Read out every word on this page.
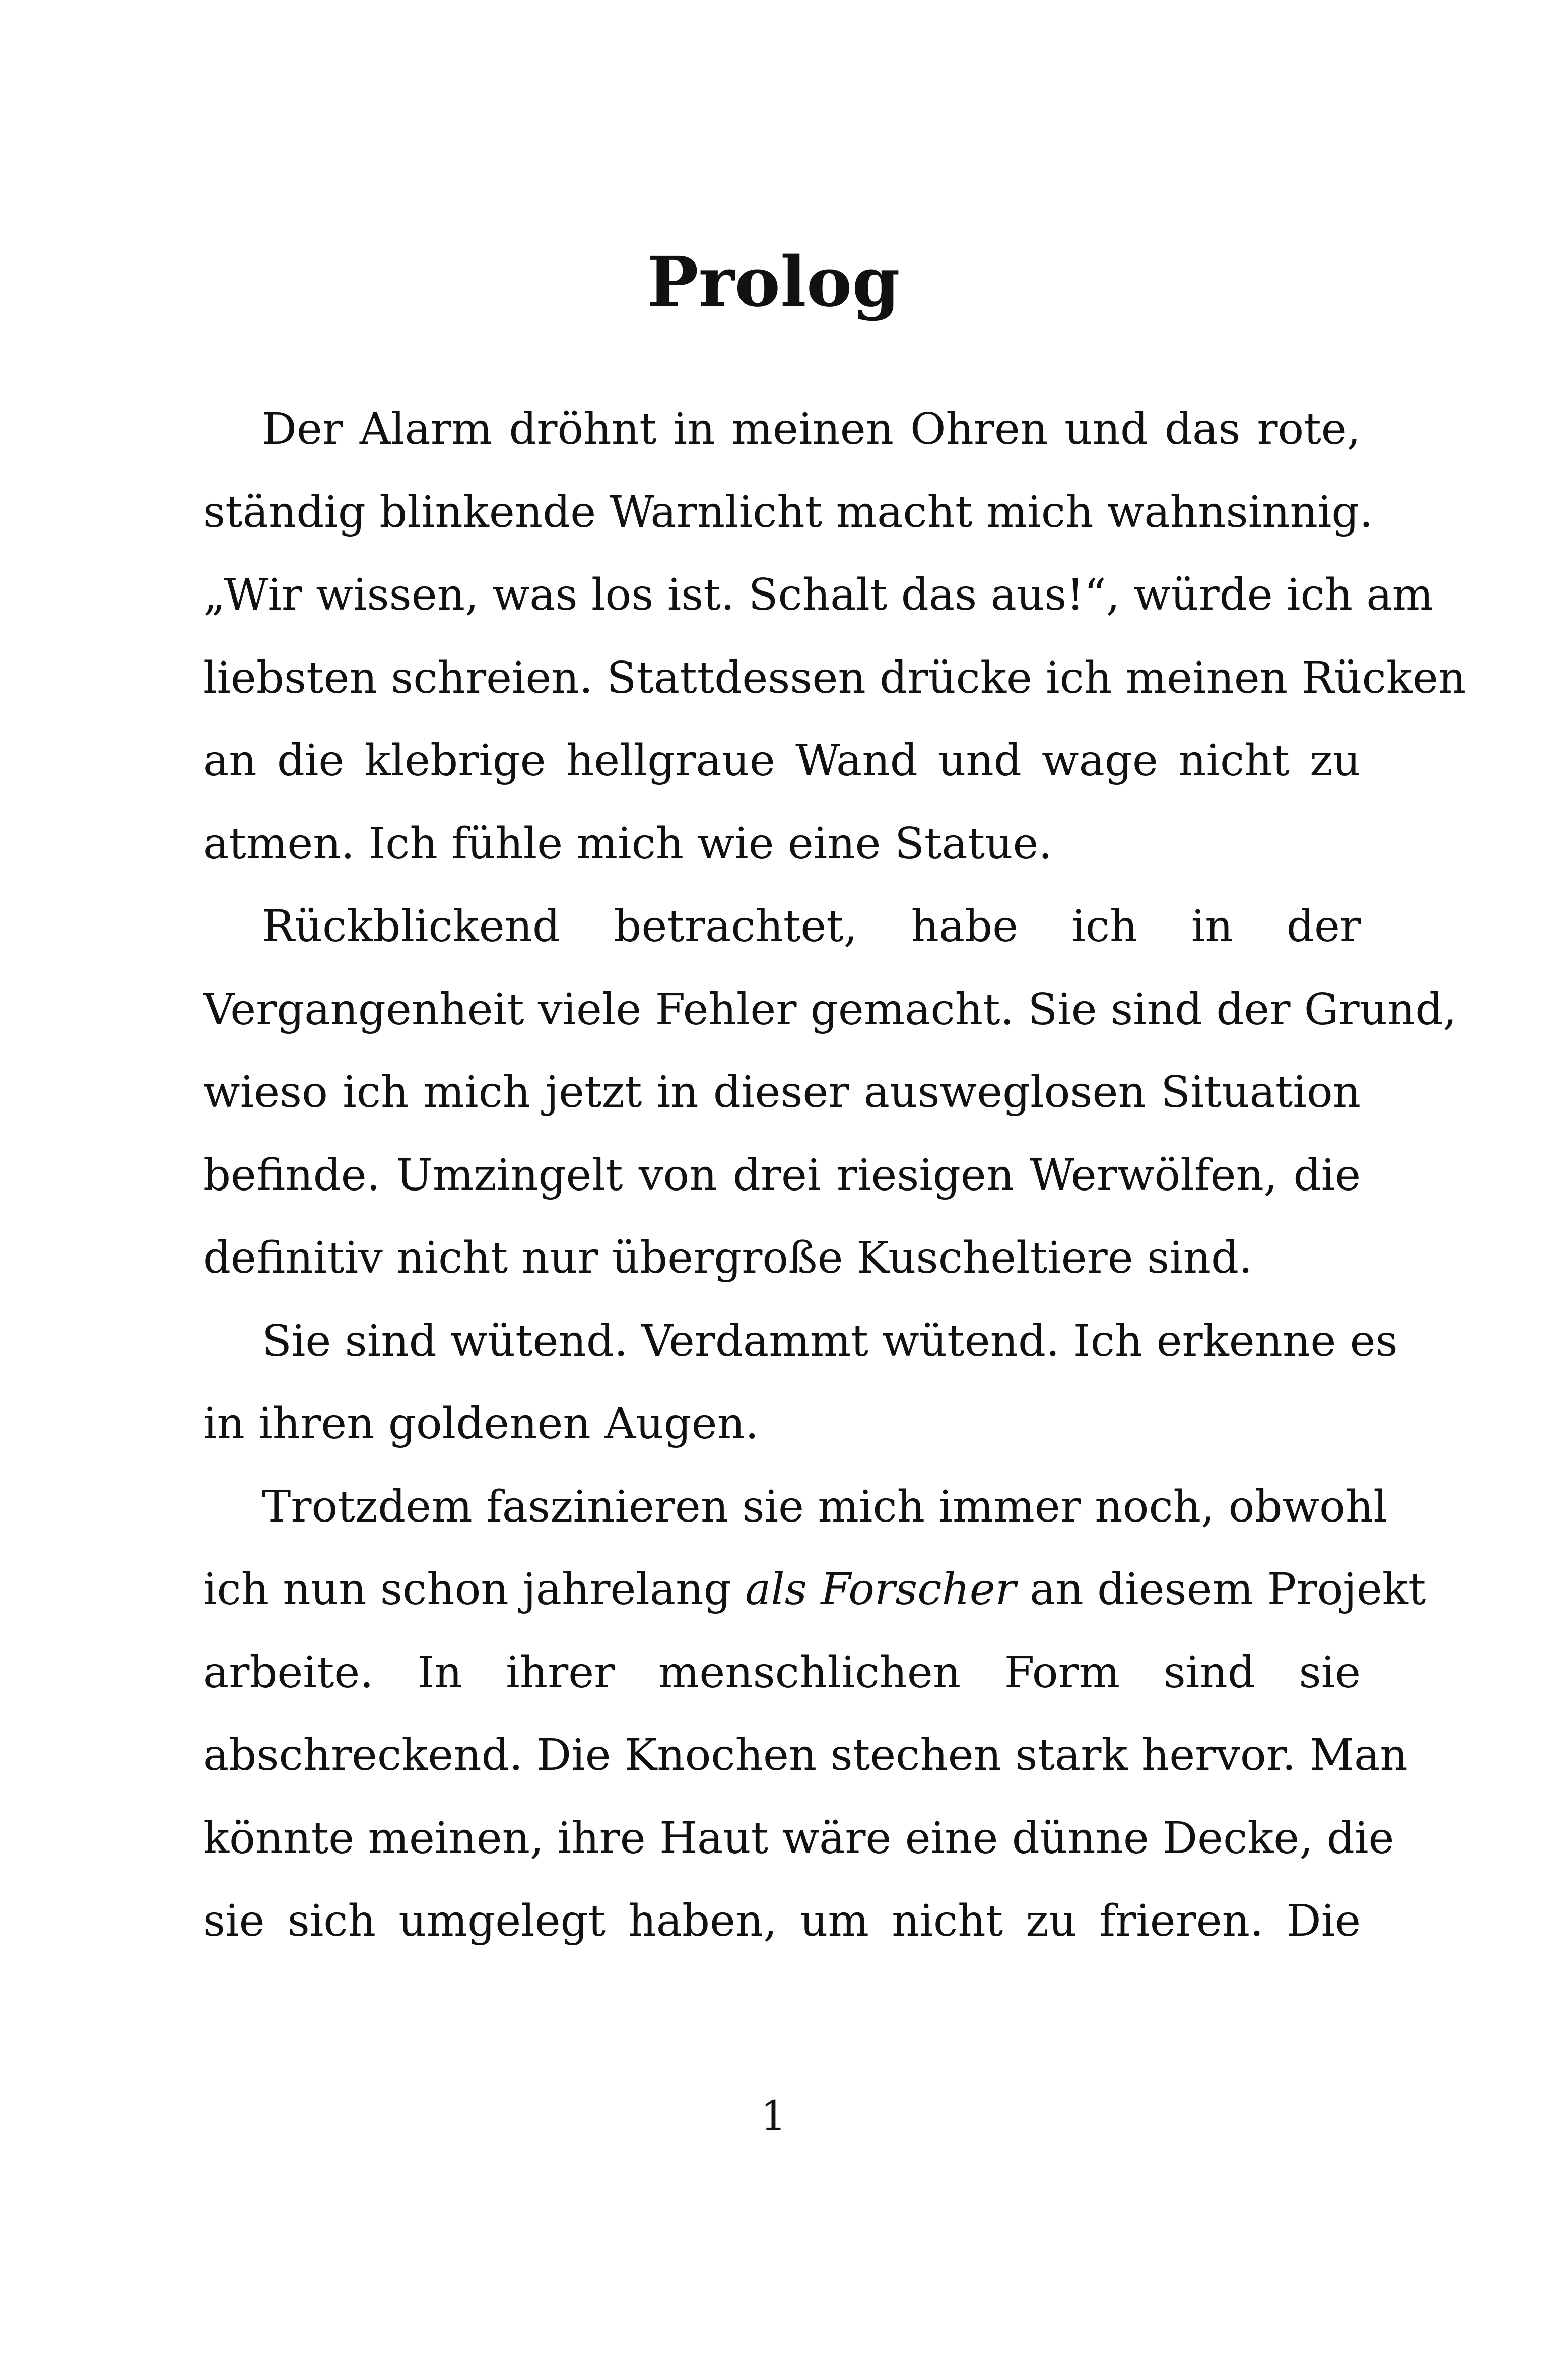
Prolog
Der Alarm dröhnt in meinen Ohren und das rote,
ständig blinkende Warnlicht macht mich wahnsinnig.
„Wir wissen, was los ist. Schalt das aus!“, würde ich am
liebsten schreien. Stattdessen drücke ich meinen Rücken
an die klebrige hellgraue Wand und wage nicht zu
atmen. Ich fühle mich wie eine Statue.
Rückblickend betrachtet, habe ich in der
Vergangenheit viele Fehler gemacht. Sie sind der Grund,
wieso ich mich jetzt in dieser ausweglosen Situation
befinde. Umzingelt von drei riesigen Werwölfen, die
definitiv nicht nur übergroße Kuscheltiere sind.
Sie sind wütend. Verdammt wütend. Ich erkenne es
in ihren goldenen Augen.
Trotzdem faszinieren sie mich immer noch, obwohl
ich nun schon jahrelang als Forscher an diesem Projekt
arbeite. In ihrer menschlichen Form sind sie
abschreckend. Die Knochen stechen stark hervor. Man
könnte meinen, ihre Haut wäre eine dünne Decke, die
sie sich umgelegt haben, um nicht zu frieren. Die
1
